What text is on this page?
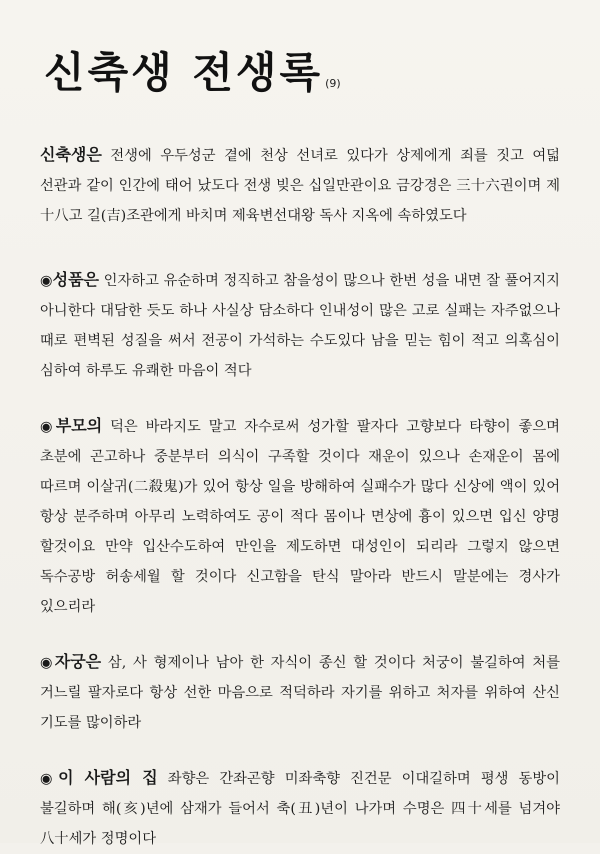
신축생 전생록 (9)

신축생은 전생에 우두성군 곁에 천상 선녀로 있다가 상제에게 죄를 짓고 여덟 선관과 같이 인간에 태어 났도다 전생 빚은 십일만관이요 금강경은 三十六권이며 제 十八고 길(吉)조관에게 바치며 제육변선대왕 독사 지옥에 속하였도다

◉성품은 인자하고 유순하며 정직하고 참을성이 많으나 한번 성을 내면 잘 풀어지지 아니한다 대담한 듯도 하나 사실상 담소하다 인내성이 많은 고로 실패는 자주없으나 때로 편벽된 성질을 써서 전공이 가석하는 수도있다 남을 믿는 힘이 적고 의혹심이 심하여 하루도 유쾌한 마음이 적다

◉부모의 덕은 바라지도 말고 자수로써 성가할 팔자다 고향보다 타향이 좋으며 초분에 곤고하나 중분부터 의식이 구족할 것이다 재운이 있으나 손재운이 몸에 따르며 이살귀(二殺鬼)가 있어 항상 일을 방해하여 실패수가 많다 신상에 액이 있어 항상 분주하며 아무리 노력하여도 공이 적다 몸이나 면상에 흉이 있으면 입신 양명 할것이요 만약 입산수도하여 만인을 제도하면 대성인이 되리라 그렇지 않으면 독수공방 허송세월 할 것이다 신고함을 탄식 말아라 반드시 말분에는 경사가 있으리라

◉자궁은 삼, 사 형제이나 남아 한 자식이 종신 할 것이다 처궁이 불길하여 처를 거느릴 팔자로다 항상 선한 마음으로 적덕하라 자기를 위하고 처자를 위하여 산신 기도를 많이하라

◉이 사람의 집 좌향은 간좌곤향 미좌축향 진건문 이대길하며 평생 동방이 불길하며 해(亥)년에 삼재가 들어서 축(丑)년이 나가며 수명은 四十세를 넘겨야 八十세가 정명이다
